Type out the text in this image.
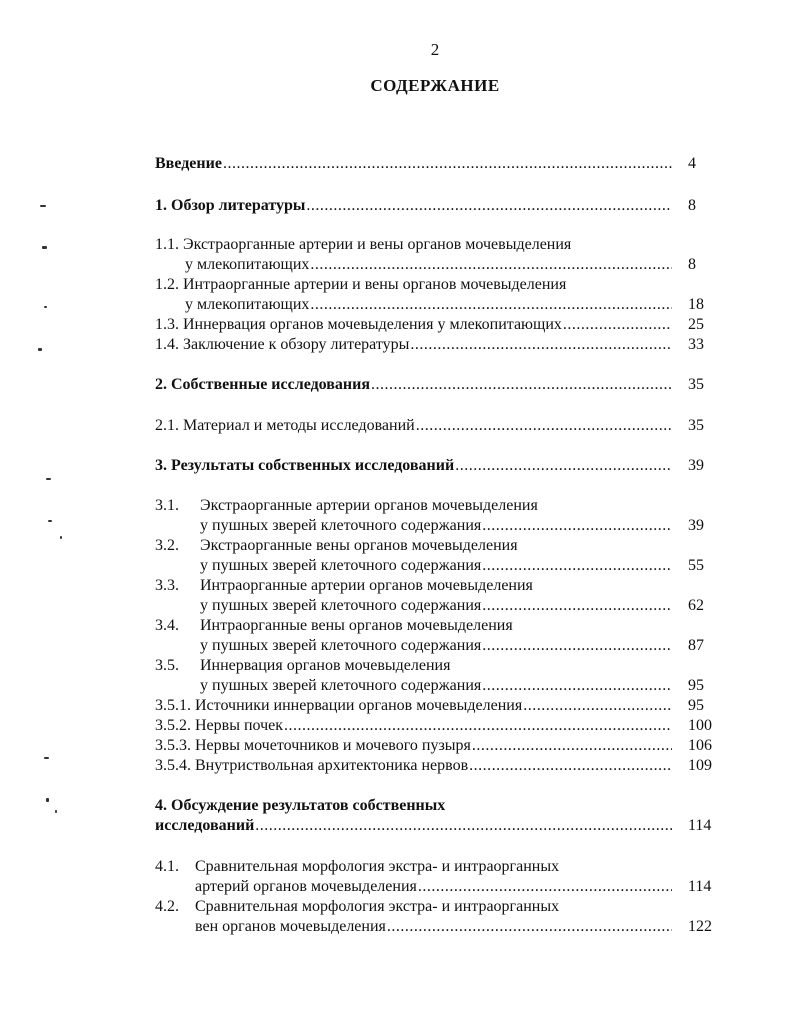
2
СОДЕРЖАНИЕ
Введение .....	4
1. Обзор литературы .....	8
1.1. Экстраорганные артерии и вены органов мочевыделения
у млекопитающих .....	8
1.2. Интраорганные артерии и вены органов мочевыделения
у млекопитающих .....	18
1.3. Иннервация органов мочевыделения у млекопитающих .....	25
1.4. Заключение к обзору литературы .....	33
2. Собственные исследования .....	35
2.1. Материал и методы исследований .....	35
3. Результаты собственных исследований .....	39
3.1.	Экстраорганные артерии органов мочевыделения
у пушных зверей клеточного содержания .....	39
3.2.	Экстраорганные вены органов мочевыделения
у пушных зверей клеточного содержания .....	55
3.3.	Интраорганные артерии органов мочевыделения
у пушных зверей клеточного содержания .....	62
3.4.	Интраорганные вены органов мочевыделения
у пушных зверей клеточного содержания .....	87
3.5.	Иннервация органов мочевыделения
у пушных зверей клеточного содержания .....	95
3.5.1. Источники иннервации органов мочевыделения .....	95
3.5.2. Нервы почек .....	100
3.5.3. Нервы мочеточников и мочевого пузыря .....	106
3.5.4. Внутриствольная архитектоника нервов .....	109
4. Обсуждение результатов собственных
исследований .....	114
4.1.	Сравнительная морфология экстра- и интраорганных
артерий органов мочевыделения .....	114
4.2.	Сравнительная морфология экстра- и интраорганных
вен органов мочевыделения .....	122
